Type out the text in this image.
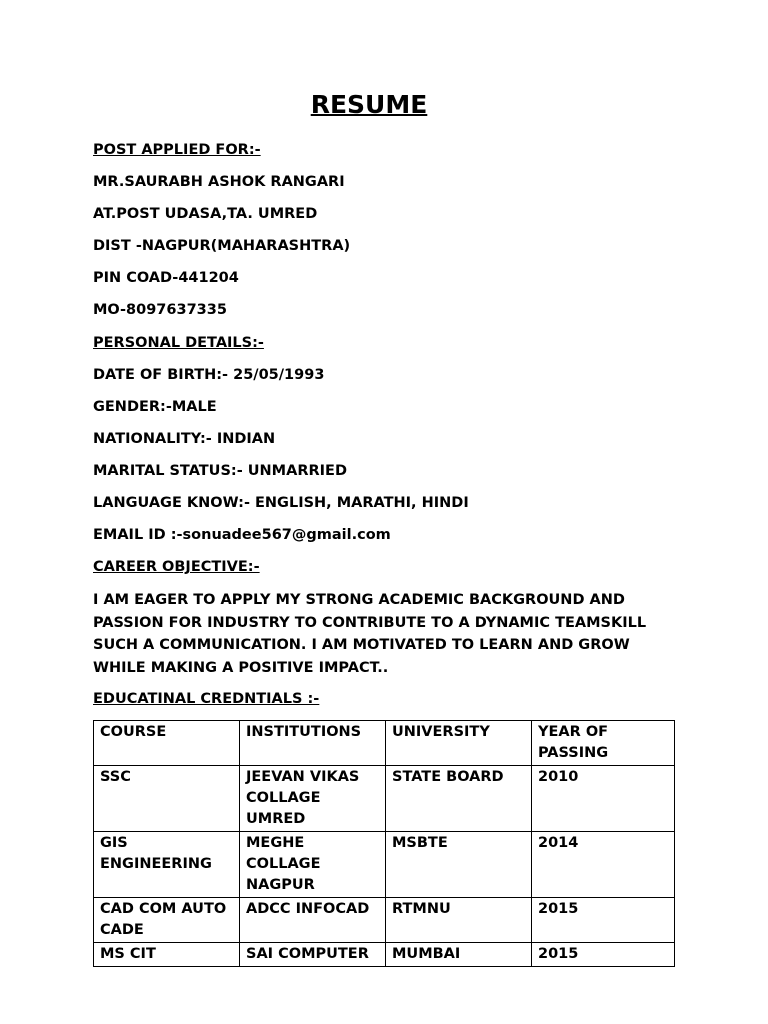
RESUME
POST APPLIED FOR:-
MR.SAURABH ASHOK RANGARI
AT.POST UDASA,TA. UMRED
DIST -NAGPUR(MAHARASHTRA)
PIN COAD-441204
MO-8097637335
PERSONAL DETAILS:-
DATE OF BIRTH:- 25/05/1993
GENDER:-MALE
NATIONALITY:- INDIAN
MARITAL STATUS:- UNMARRIED
LANGUAGE KNOW:- ENGLISH, MARATHI, HINDI
EMAIL ID :-sonuadee567@gmail.com
CAREER OBJECTIVE:-
I AM EAGER TO APPLY MY STRONG ACADEMIC BACKGROUND AND PASSION FOR INDUSTRY TO CONTRIBUTE TO A DYNAMIC TEAMSKILL SUCH A COMMUNICATION. I AM MOTIVATED TO LEARN AND GROW WHILE MAKING A POSITIVE IMPACT..
EDUCATINAL CREDNTIALS :-
COURSE	INSTITUTIONS	UNIVERSITY	YEAR OF PASSING
SSC	JEEVAN VIKAS COLLAGE UMRED	STATE BOARD	2010
GIS ENGINEERING	MEGHE COLLAGE NAGPUR	MSBTE	2014
CAD COM AUTO CADE	ADCC INFOCAD	RTMNU	2015
MS CIT	SAI COMPUTER	MUMBAI	2015
